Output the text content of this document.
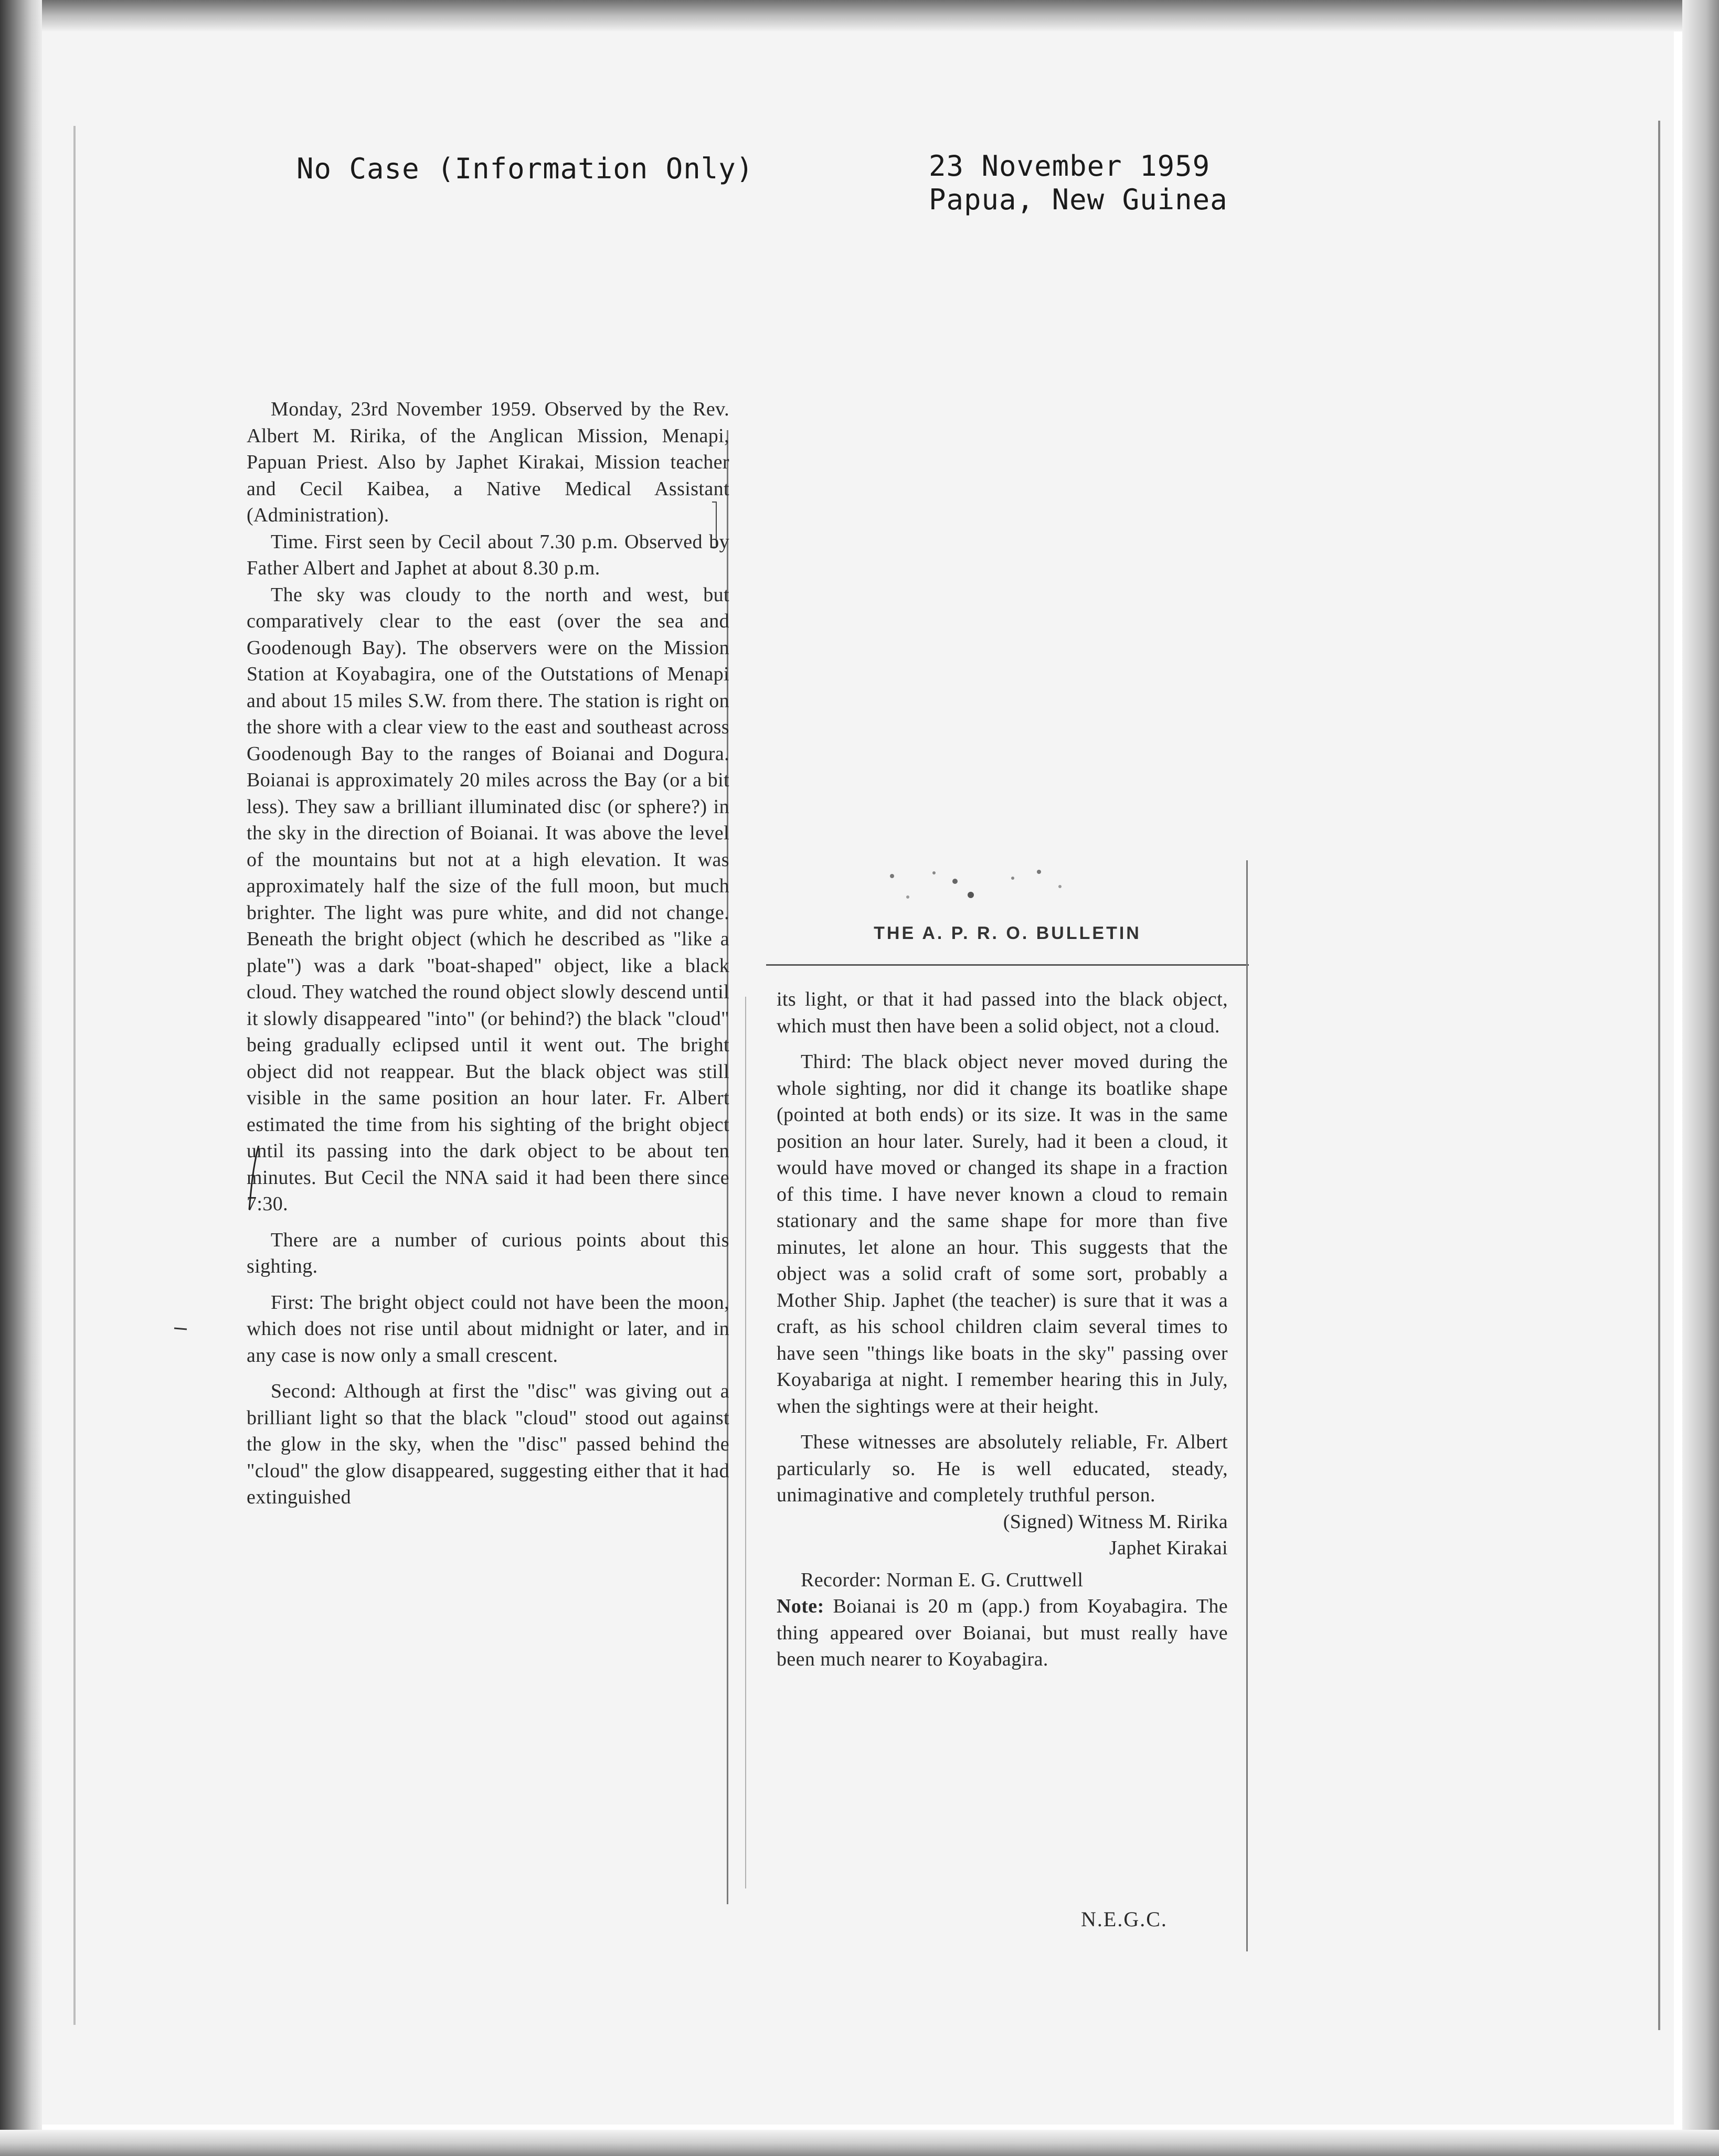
No Case (Information Only)	23 November 1959
Papua, New Guinea

Monday, 23rd November 1959. Observed by the Rev. Albert M. Ririka, of the Anglican Mission, Menapi, Papuan Priest. Also by Japhet Kirakai, Mission teacher and Cecil Kaibea, a Native Medical Assistant (Administration).

Time. First seen by Cecil about 7.30 p.m. Observed by Father Albert and Japhet at about 8.30 p.m.

The sky was cloudy to the north and west, but comparatively clear to the east (over the sea and Goodenough Bay). The observers were on the Mission Station at Koyabagira, one of the Outstations of Menapi and about 15 miles S.W. from there. The station is right on the shore with a clear view to the east and southeast across Goodenough Bay to the ranges of Boianai and Dogura. Boianai is approximately 20 miles across the Bay (or a bit less). They saw a brilliant illuminated disc (or sphere?) in the sky in the direction of Boianai. It was above the level of the mountains but not at a high elevation. It was approximately half the size of the full moon, but much brighter. The light was pure white, and did not change. Beneath the bright object (which he described as "like a plate") was a dark "boat-shaped" object, like a black cloud. They watched the round object slowly descend until it slowly disappeared "into" (or behind?) the black "cloud" being gradually eclipsed until it went out. The bright object did not reappear. But the black object was still visible in the same position an hour later. Fr. Albert estimated the time from his sighting of the bright object until its passing into the dark object to be about ten minutes. But Cecil the NNA said it had been there since 7:30.

There are a number of curious points about this sighting.

First: The bright object could not have been the moon, which does not rise until about midnight or later, and in any case is now only a small crescent.

Second: Although at first the "disc" was giving out a brilliant light so that the black "cloud" stood out against the glow in the sky, when the "disc" passed behind the "cloud" the glow disappeared, suggesting either that it had extinguished

THE A. P. R. O. BULLETIN

its light, or that it had passed into the black object, which must then have been a solid object, not a cloud.

Third: The black object never moved during the whole sighting, nor did it change its boatlike shape (pointed at both ends) or its size. It was in the same position an hour later. Surely, had it been a cloud, it would have moved or changed its shape in a fraction of this time. I have never known a cloud to remain stationary and the same shape for more than five minutes, let alone an hour. This suggests that the object was a solid craft of some sort, probably a Mother Ship. Japhet (the teacher) is sure that it was a craft, as his school children claim several times to have seen "things like boats in the sky" passing over Koyabariga at night. I remember hearing this in July, when the sightings were at their height.

These witnesses are absolutely reliable, Fr. Albert particularly so. He is well educated, steady, unimaginative and completely truthful person.

(Signed) Witness M. Ririka
Japhet Kirakai

Recorder: Norman E. G. Cruttwell

Note: Boianai is 20 m (app.) from Koyabagira. The thing appeared over Boianai, but must really have been much nearer to Koyabagira.

N.E.G.C.
